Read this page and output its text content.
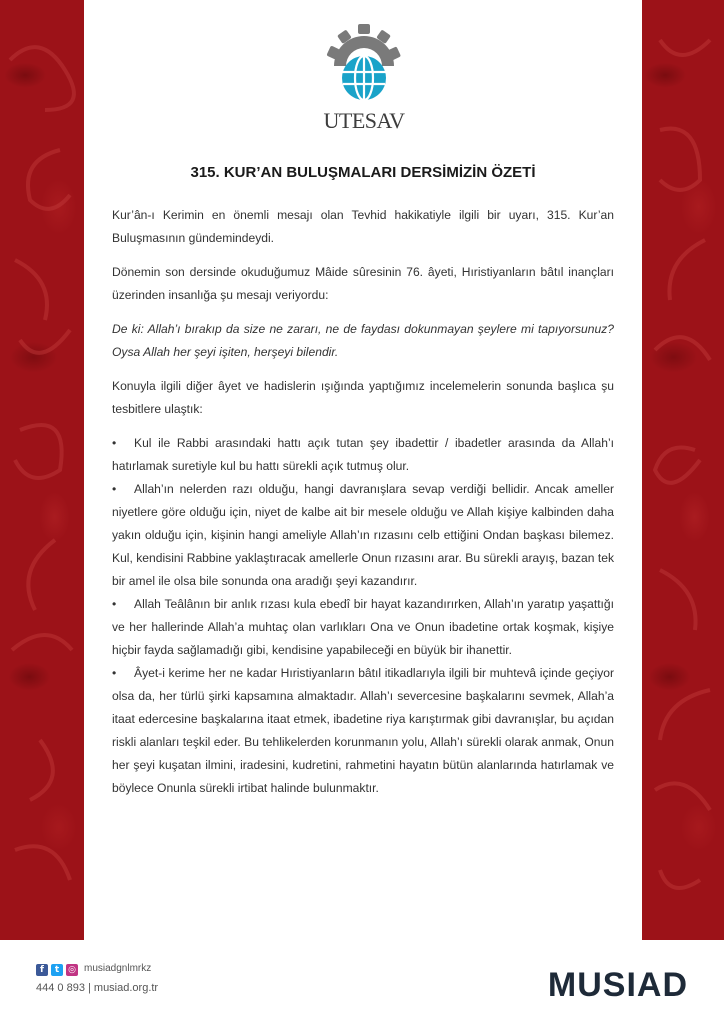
UTESAV
315. KUR’AN BULUŞMALARI DERSİMİZİN ÖZETİ

Kur’ân-ı Kerimin en önemli mesajı olan Tevhid hakikatiyle ilgili bir uyarı, 315. Kur’an Buluşmasının gündemindeydi.

Dönemin son dersinde okuduğumuz Mâide sûresinin 76. âyeti, Hıristiyanların bâtıl inançları üzerinden insanlığa şu mesajı veriyordu:

De ki: Allah’ı bırakıp da size ne zararı, ne de faydası dokunmayan şeylere mi tapıyorsunuz? Oysa Allah her şeyi işiten, herşeyi bilendir.

Konuyla ilgili diğer âyet ve hadislerin ışığında yaptığımız incelemelerin sonunda başlıca şu tesbitlere ulaştık:

• Kul ile Rabbi arasındaki hattı açık tutan şey ibadettir / ibadetler arasında da Allah’ı hatırlamak suretiyle kul bu hattı sürekli açık tutmuş olur.
• Allah’ın nelerden razı olduğu, hangi davranışlara sevap verdiği bellidir. Ancak ameller niyetlere göre olduğu için, niyet de kalbe ait bir mesele olduğu ve Allah kişiye kalbinden daha yakın olduğu için, kişinin hangi ameliyle Allah’ın rızasını celb ettiğini Ondan başkası bilemez. Kul, kendisini Rabbine yaklaştıracak amellerle Onun rızasını arar. Bu sürekli arayış, bazan tek bir amel ile olsa bile sonunda ona aradığı şeyi kazandırır.
• Allah Teâlânın bir anlık rızası kula ebedî bir hayat kazandırırken, Allah’ın yaratıp yaşattığı ve her hallerinde Allah’a muhtaç olan varlıkları Ona ve Onun ibadetine ortak koşmak, kişiye hiçbir fayda sağlamadığı gibi, kendisine yapabileceği en büyük bir ihanettir.
• Âyet-i kerime her ne kadar Hıristiyanların bâtıl itikadlarıyla ilgili bir muhtevâ içinde geçiyor olsa da, her türlü şirki kapsamına almaktadır. Allah’ı severcesine başkalarını sevmek, Allah’a itaat edercesine başkalarına itaat etmek, ibadetine riya karıştırmak gibi davranışlar, bu açıdan riskli alanları teşkil eder. Bu tehlikelerden korunmanın yolu, Allah’ı sürekli olarak anmak, Onun her şeyi kuşatan ilmini, iradesini, kudretini, rahmetini hayatın bütün alanlarında hatırlamak ve böylece Onunla sürekli irtibat halinde bulunmaktır.
f	t ◎ musiadgnlmrkz
444 0 893 | musiad.org.tr	MUSIAD
